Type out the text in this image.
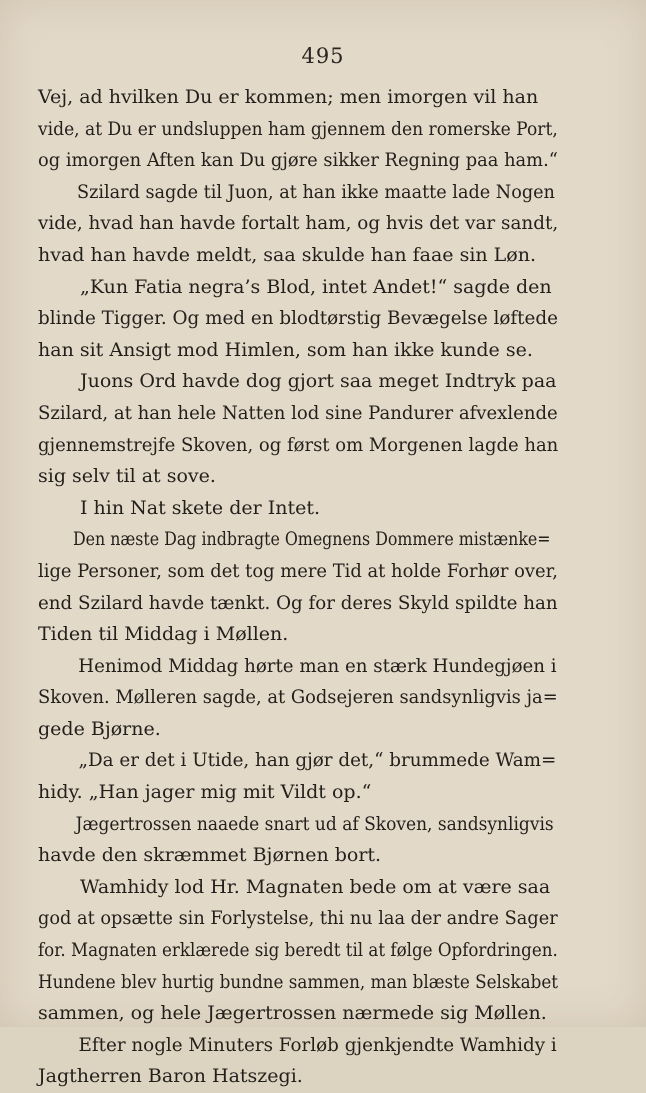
495
Vej, ad hvilken Du er kommen; men imorgen vil han
vide, at Du er undsluppen ham gjennem den romerske Port,
og imorgen Aften kan Du gjøre sikker Regning paa ham.“
Szilard sagde til Juon, at han ikke maatte lade Nogen
vide, hvad han havde fortalt ham, og hvis det var sandt,
hvad han havde meldt, saa skulde han faae sin Løn.
„Kun Fatia negra’s Blod, intet Andet!“ sagde den
blinde Tigger. Og med en blodtørstig Bevægelse løftede
han sit Ansigt mod Himlen, som han ikke kunde se.
Juons Ord havde dog gjort saa meget Indtryk paa
Szilard, at han hele Natten lod sine Pandurer afvexlende
gjennemstrejfe Skoven, og først om Morgenen lagde han
sig selv til at sove.
I hin Nat skete der Intet.
Den næste Dag indbragte Omegnens Dommere mistænke=
lige Personer, som det tog mere Tid at holde Forhør over,
end Szilard havde tænkt. Og for deres Skyld spildte han
Tiden til Middag i Møllen.
Henimod Middag hørte man en stærk Hundegjøen i
Skoven. Mølleren sagde, at Godsejeren sandsynligvis ja=
gede Bjørne.
„Da er det i Utide, han gjør det,“ brummede Wam=
hidy. „Han jager mig mit Vildt op.“
Jægertrossen naaede snart ud af Skoven, sandsynligvis
havde den skræmmet Bjørnen bort.
Wamhidy lod Hr. Magnaten bede om at være saa
god at opsætte sin Forlystelse, thi nu laa der andre Sager
for. Magnaten erklærede sig beredt til at følge Opfordringen.
Hundene blev hurtig bundne sammen, man blæste Selskabet
sammen, og hele Jægertrossen nærmede sig Møllen.
Efter nogle Minuters Forløb gjenkjendte Wamhidy i
Jagtherren Baron Hatszegi.
